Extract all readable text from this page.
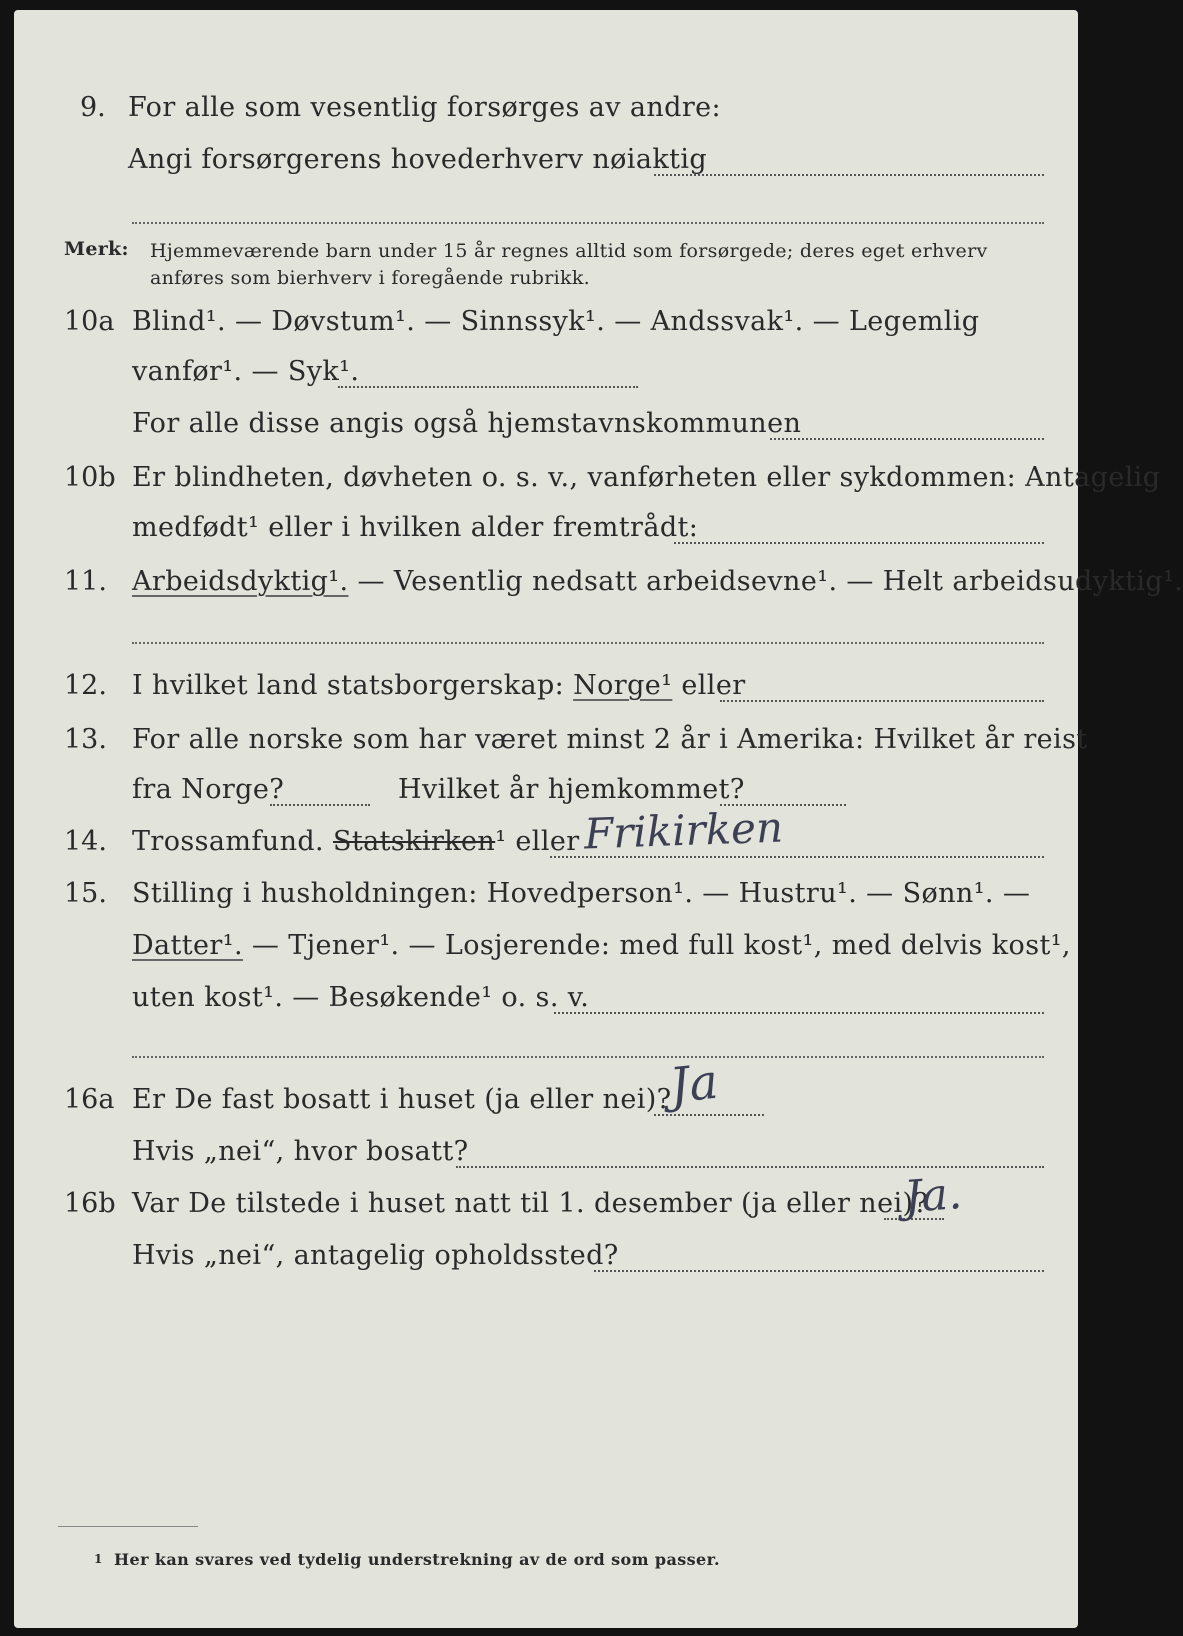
9. For alle som vesentlig forsørges av andre:
Angi forsørgerens hovederhverv nøiaktig
Merk: Hjemmeværende barn under 15 år regnes alltid som forsørgede; deres eget erhverv
anføres som bierhverv i foregående rubrikk.
10a Blind¹. — Døvstum¹. — Sinnssyk¹. — Andssvak¹. — Legemlig
vanfør¹. — Syk¹.
For alle disse angis også hjemstavnskommunen
10b Er blindheten, døvheten o. s. v., vanførheten eller sykdommen: Antagelig
medfødt¹ eller i hvilken alder fremtrådt:
11. Arbeidsdyktig¹. — Vesentlig nedsatt arbeidsevne¹. — Helt arbeidsudyktig¹.
12. I hvilket land statsborgerskap: Norge¹ eller
13. For alle norske som har været minst 2 år i Amerika: Hvilket år reist
fra Norge?	Hvilket år hjemkommet?
14. Trossamfund. Statskirken¹ eller Frikirken
15. Stilling i husholdningen: Hovedperson¹. — Hustru¹. — Sønn¹. —
Datter¹. — Tjener¹. — Losjerende: med full kost¹, med delvis kost¹,
uten kost¹. — Besøkende¹ o. s. v.
16a Er De fast bosatt i huset (ja eller nei)?
Ja
Hvis „nei“, hvor bosatt?
16b Var De tilstede i huset natt til 1. desember (ja eller nei)?
Ja.
Hvis „nei“, antagelig opholdssted?
1 Her kan svares ved tydelig understrekning av de ord som passer.
